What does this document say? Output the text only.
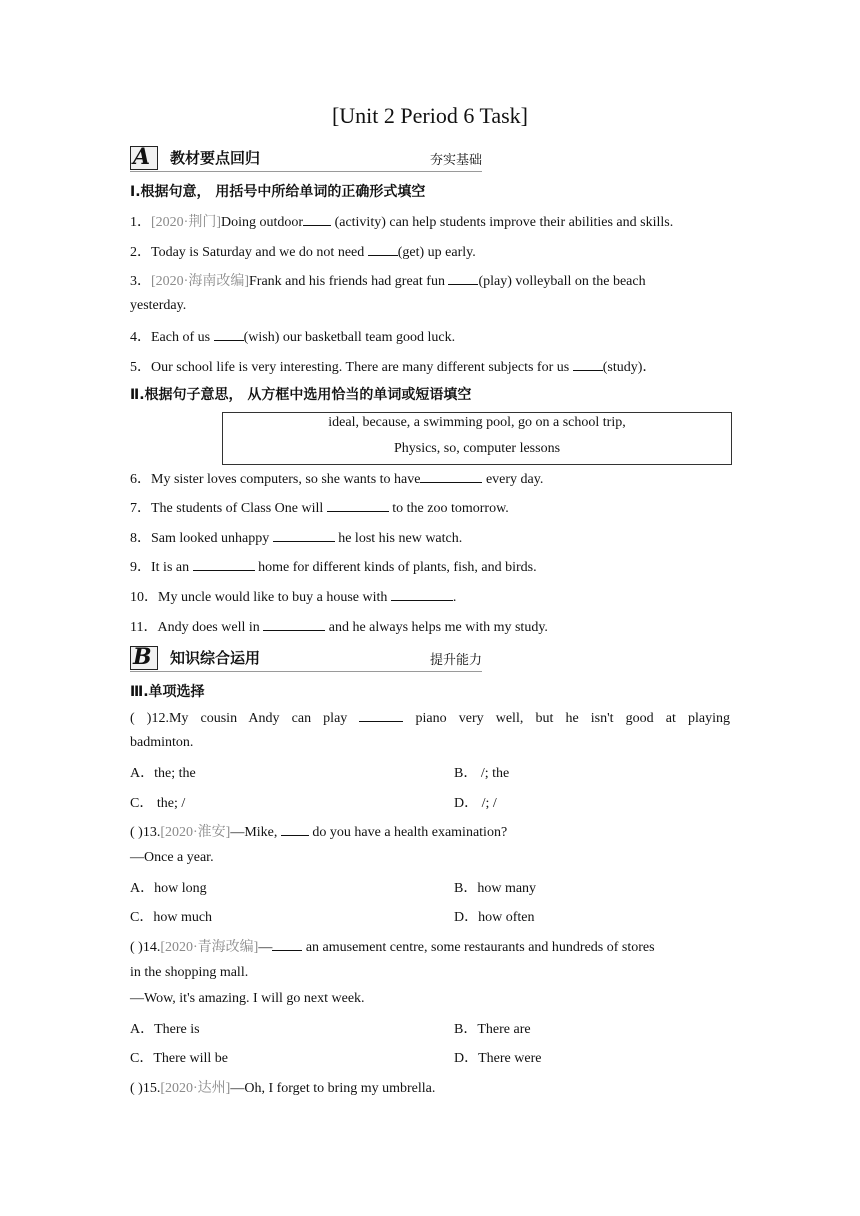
[Unit 2 Period 6 Task]
A 教材要点回归	夯实基础
Ⅰ.根据句意， 用括号中所给单词的正确形式填空
1．[2020·荆门]Doing outdoor (activity) can help students improve their abilities and skills.
2．Today is Saturday and we do not need (get) up early.
3．[2020·海南改编]Frank and his friends had great fun (play) volleyball on the beach
yesterday.
4．Each of us (wish) our basketball team good luck.
5．Our school life is very interesting. There are many different subjects for us (study)．
Ⅱ.根据句子意思， 从方框中选用恰当的单词或短语填空
ideal, because, a swimming pool, go on a school trip,
Physics, so, computer lessons
6．My sister loves computers, so she wants to have	every day.
7．The students of Class One will	to the zoo tomorrow.
8．Sam looked unhappy	he lost his new watch.
9．It is an	home for different kinds of plants, fish, and birds.
10．My uncle would like to buy a house with	.
11．Andy does well in	and he always helps me with my study.
B 知识综合运用	提升能力
Ⅲ.单项选择
( )12.My cousin Andy can play	piano very well, but he isn't good at playing
badminton.
A．the; the	B． /; the
C． the; /	D． /; /
( )13.[2020·淮安]—Mike,  do you have a health examination?
—Once a year.
A．how long	B．how many
C．how much	D．how often
( )14.[2020·青海改编]— an amusement centre, some restaurants and hundreds of stores
in the shopping mall.
—Wow, it's amazing. I will go next week.
A．There is	B．There are
C．There will be	D．There were
( )15.[2020·达州]—Oh, I forget to bring my umbrella.
